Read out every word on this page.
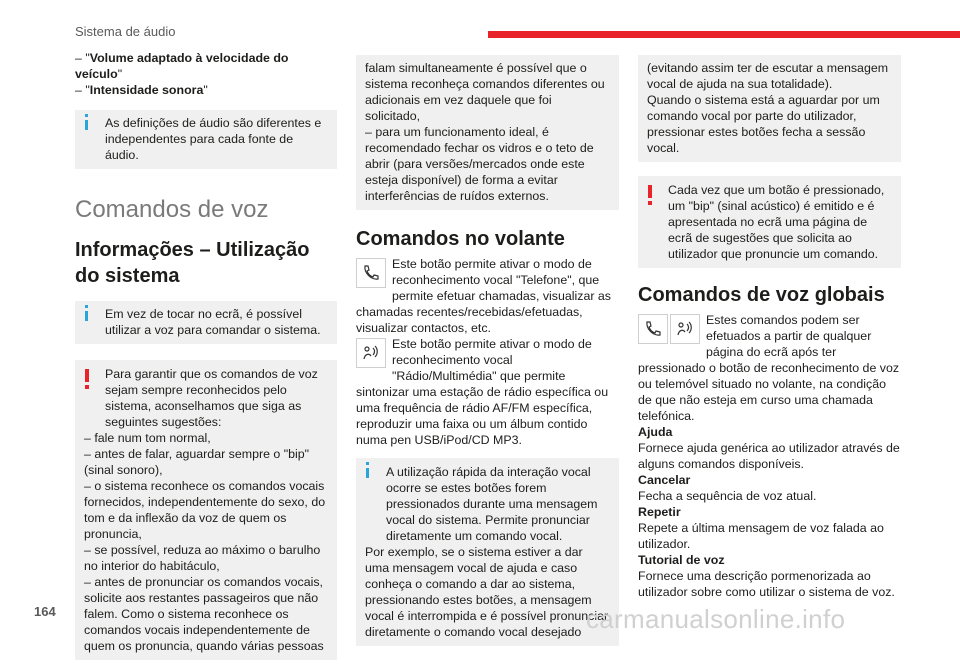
Sistema de áudio

– "Volume adaptado à velocidade do veículo"

– "Intensidade sonora"

As definições de áudio são diferentes e independentes para cada fonte de áudio.

Comandos de voz
Informações – Utilização do sistema

Em vez de tocar no ecrã, é possível utilizar a voz para comandar o sistema.

Para garantir que os comandos de voz sejam sempre reconhecidos pelo sistema, aconselhamos que siga as seguintes sugestões:

– fale num tom normal,

– antes de falar, aguardar sempre o "bip" (sinal sonoro),

– o sistema reconhece os comandos vocais fornecidos, independentemente do sexo, do tom e da inflexão da voz de quem os pronuncia,

– se possível, reduza ao máximo o barulho no interior do habitáculo,

– antes de pronunciar os comandos vocais, solicite aos restantes passageiros que não falem. Como o sistema reconhece os comandos vocais independentemente de quem os pronuncia, quando várias pessoas

falam simultaneamente é possível que o sistema reconheça comandos diferentes ou adicionais em vez daquele que foi solicitado,

– para um funcionamento ideal, é recomendado fechar os vidros e o teto de abrir (para versões/mercados onde este esteja disponível) de forma a evitar interferências de ruídos externos.

Comandos no volante

Este botão permite ativar o modo de reconhecimento vocal "Telefone", que permite efetuar chamadas, visualizar as chamadas recentes/recebidas/efetuadas, visualizar contactos, etc.

Este botão permite ativar o modo de reconhecimento vocal "Rádio/Multimédia" que permite sintonizar uma estação de rádio específica ou uma frequência de rádio AF/FM específica, reproduzir uma faixa ou um álbum contido numa pen USB/iPod/CD MP3.

A utilização rápida da interação vocal ocorre se estes botões forem pressionados durante uma mensagem vocal do sistema. Permite pronunciar diretamente um comando vocal.

Por exemplo, se o sistema estiver a dar uma mensagem vocal de ajuda e caso conheça o comando a dar ao sistema, pressionando estes botões, a mensagem vocal é interrompida e é possível pronunciar diretamente o comando vocal desejado

(evitando assim ter de escutar a mensagem vocal de ajuda na sua totalidade).

Quando o sistema está a aguardar por um comando vocal por parte do utilizador, pressionar estes botões fecha a sessão vocal.

Cada vez que um botão é pressionado, um "bip" (sinal acústico) é emitido e é apresentada no ecrã uma página de ecrã de sugestões que solicita ao utilizador que pronuncie um comando.

Comandos de voz globais

Estes comandos podem ser efetuados a partir de qualquer página do ecrã após ter pressionado o botão de reconhecimento de voz ou telemóvel situado no volante, na condição de que não esteja em curso uma chamada telefónica.

Ajuda

Fornece ajuda genérica ao utilizador através de alguns comandos disponíveis.

Cancelar

Fecha a sequência de voz atual.

Repetir

Repete a última mensagem de voz falada ao utilizador.

Tutorial de voz

Fornece uma descrição pormenorizada ao utilizador sobre como utilizar o sistema de voz.

164	carmanualsonline.info
